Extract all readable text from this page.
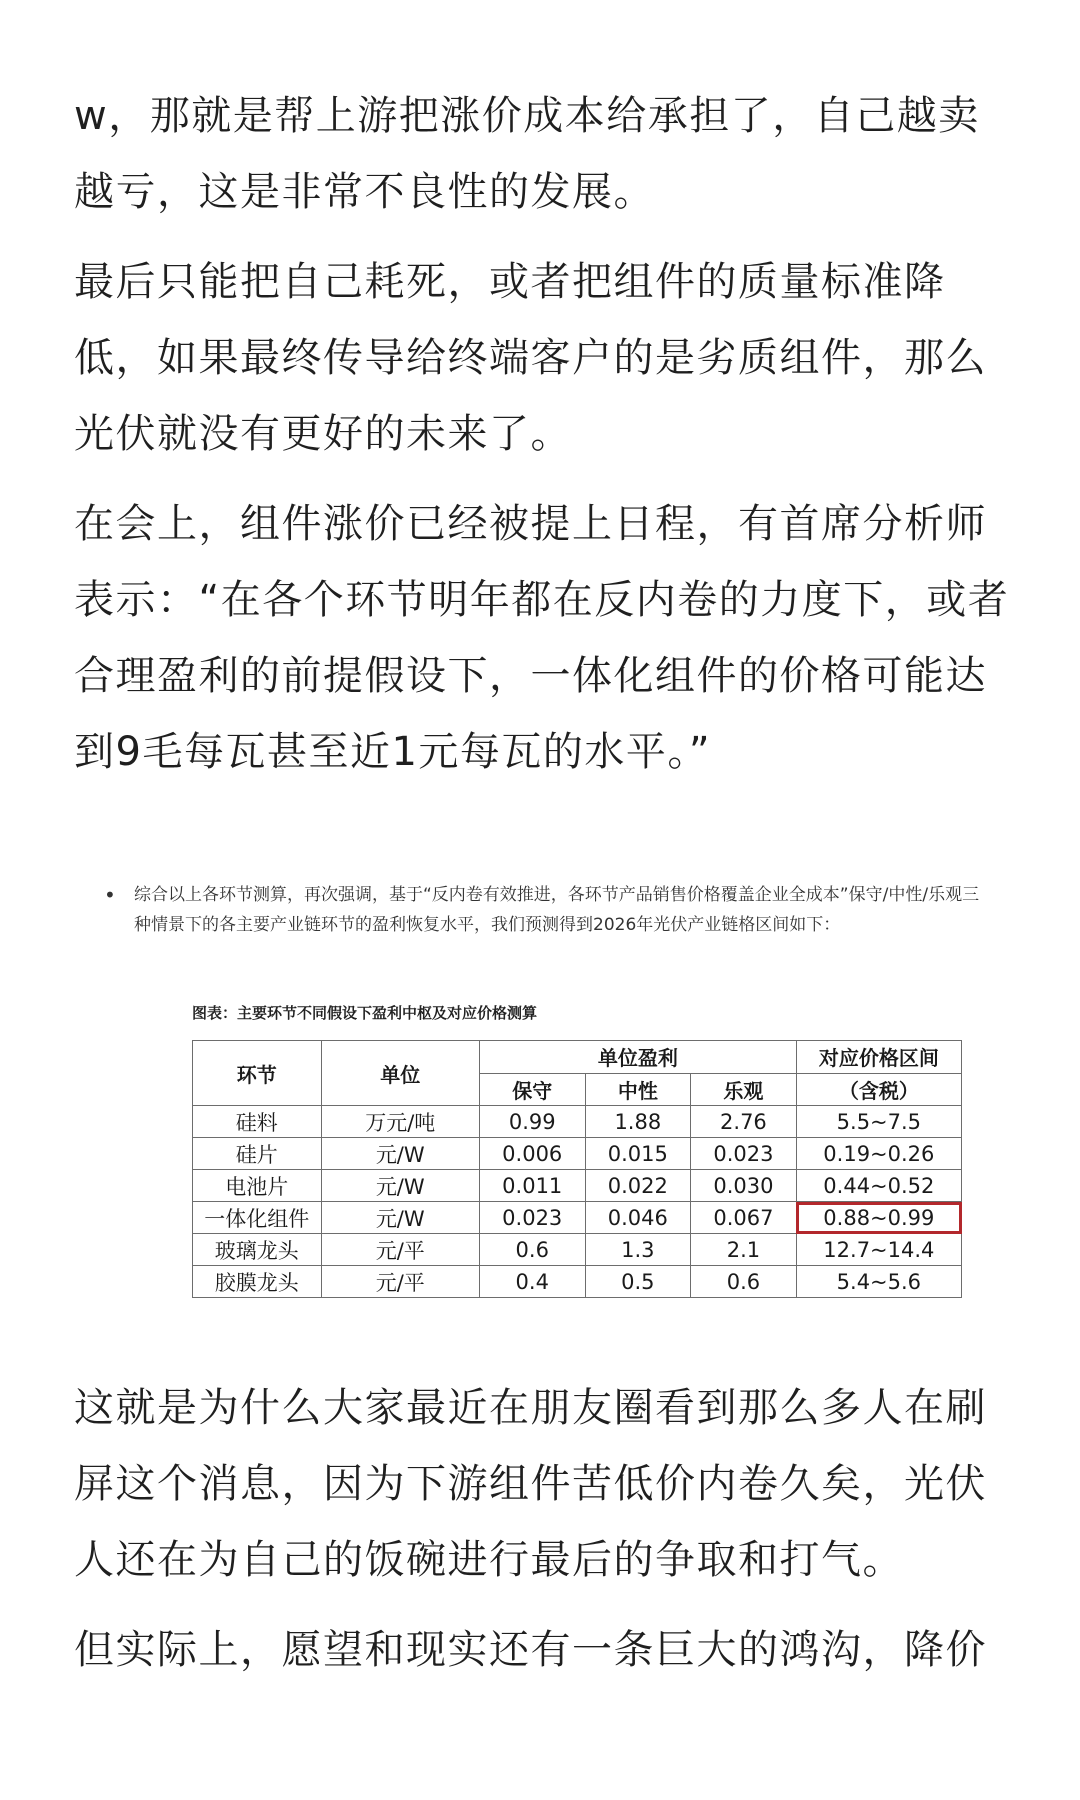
w，那就是帮上游把涨价成本给承担了，自己越卖越亏，这是非常不良性的发展。

最后只能把自己耗死，或者把组件的质量标准降低，如果最终传导给终端客户的是劣质组件，那么光伏就没有更好的未来了。

在会上，组件涨价已经被提上日程，有首席分析师表示：“在各个环节明年都在反内卷的力度下，或者合理盈利的前提假设下，一体化组件的价格可能达到9毛每瓦甚至近1元每瓦的水平。”

• 综合以上各环节测算，再次强调，基于“反内卷有效推进，各环节产品销售价格覆盖企业全成本”保守/中性/乐观三种情景下的各主要产业链环节的盈利恢复水平，我们预测得到2026年光伏产业链格区间如下：
图表：主要环节不同假设下盈利中枢及对应价格测算
环节	单位	单位盈利			对应价格区间
		保守	中性	乐观	（含税）
硅料	万元/吨	0.99	1.88	2.76	5.5~7.5
硅片	元/W	0.006	0.015	0.023	0.19~0.26
电池片	元/W	0.011	0.022	0.030	0.44~0.52
一体化组件	元/W	0.023	0.046	0.067	0.88~0.99
玻璃龙头	元/平	0.6	1.3	2.1	12.7~14.4
胶膜龙头	元/平	0.4	0.5	0.6	5.4~5.6

这就是为什么大家最近在朋友圈看到那么多人在刷屏这个消息，因为下游组件苦低价内卷久矣，光伏人还在为自己的饭碗进行最后的争取和打气。

但实际上，愿望和现实还有一条巨大的鸿沟，降价
